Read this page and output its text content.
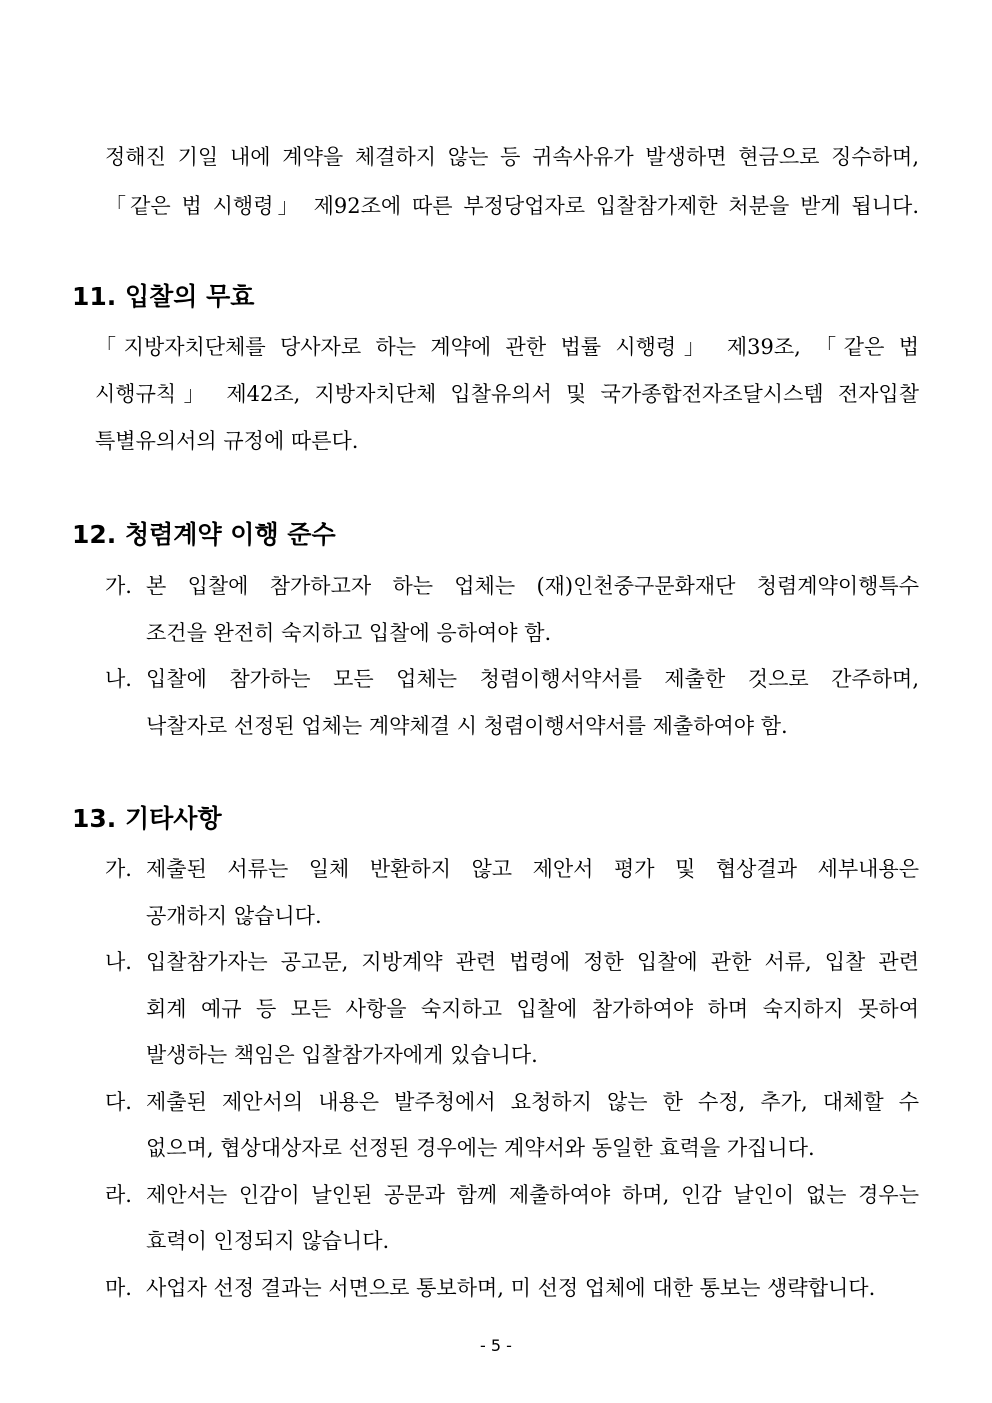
정해진 기일 내에 계약을 체결하지 않는 등 귀속사유가 발생하면 현금으로 징수하며,

「같은 법 시행령」 제92조에 따른 부정당업자로 입찰참가제한 처분을 받게 됩니다.

11. 입찰의 무효

「지방자치단체를 당사자로 하는 계약에 관한 법률 시행령」 제39조, 「같은 법

시행규칙」 제42조, 지방자치단체 입찰유의서 및 국가종합전자조달시스템 전자입찰

특별유의서의 규정에 따른다.

12. 청렴계약 이행 준수

가. 본 입찰에 참가하고자 하는 업체는 (재)인천중구문화재단 청렴계약이행특수

조건을 완전히 숙지하고 입찰에 응하여야 함.

나. 입찰에 참가하는 모든 업체는 청렴이행서약서를 제출한 것으로 간주하며,

낙찰자로 선정된 업체는 계약체결 시 청렴이행서약서를 제출하여야 함.

13. 기타사항

가. 제출된 서류는 일체 반환하지 않고 제안서 평가 및 협상결과 세부내용은

공개하지 않습니다.

나. 입찰참가자는 공고문, 지방계약 관련 법령에 정한 입찰에 관한 서류, 입찰 관련

회계 예규 등 모든 사항을 숙지하고 입찰에 참가하여야 하며 숙지하지 못하여

발생하는 책임은 입찰참가자에게 있습니다.

다. 제출된 제안서의 내용은 발주청에서 요청하지 않는 한 수정, 추가, 대체할 수

없으며, 협상대상자로 선정된 경우에는 계약서와 동일한 효력을 가집니다.

라. 제안서는 인감이 날인된 공문과 함께 제출하여야 하며, 인감 날인이 없는 경우는

효력이 인정되지 않습니다.

마. 사업자 선정 결과는 서면으로 통보하며, 미 선정 업체에 대한 통보는 생략합니다.

- 5 -
